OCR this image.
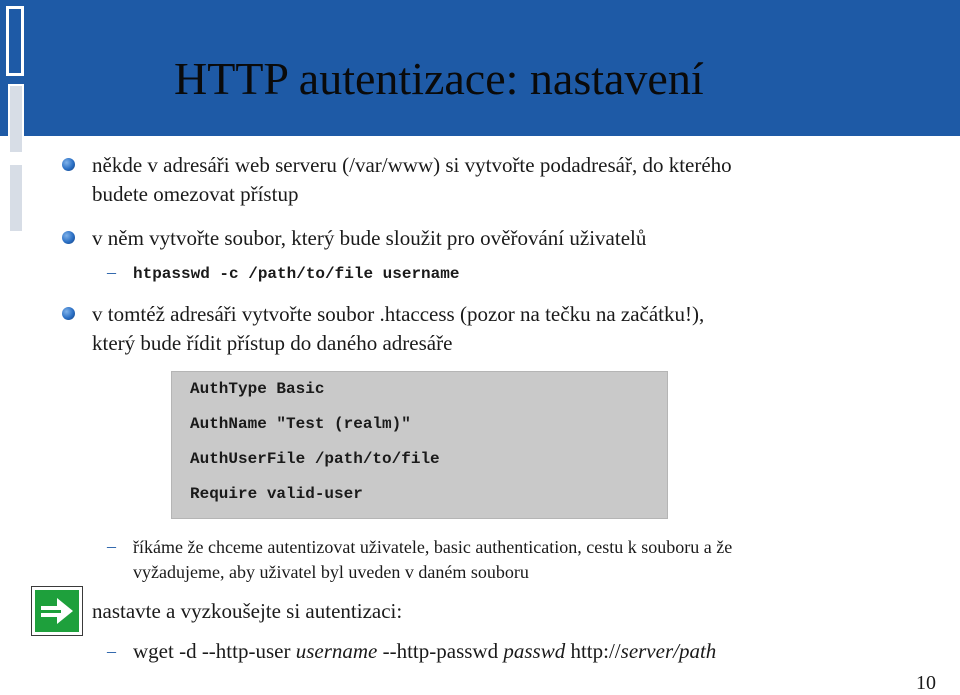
HTTP autentizace: nastavení
někde v adresáři web serveru (/var/www) si vytvořte podadresář, do kterého
budete omezovat přístup
v něm vytvořte soubor, který bude sloužit pro ověřování uživatelů
– htpasswd -c /path/to/file username
v tomtéž adresáři vytvořte soubor .htaccess (pozor na tečku na začátku!),
který bude řídit přístup do daného adresáře
AuthType Basic
AuthName "Test (realm)"
AuthUserFile /path/to/file
Require valid-user
– říkáme že chceme autentizovat uživatele, basic authentication, cestu k souboru a že
vyžadujeme, aby uživatel byl uveden v daném souboru
nastavte a vyzkoušejte si autentizaci:
– wget -d --http-user username --http-passwd passwd http://server/path
10
